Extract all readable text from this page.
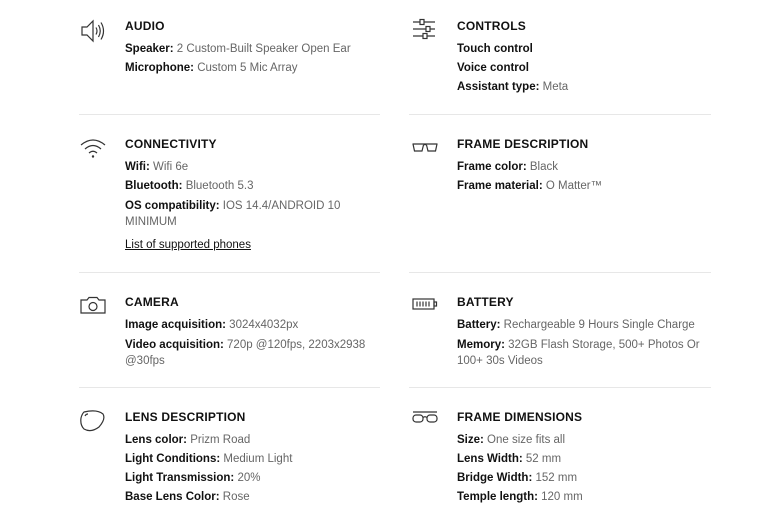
AUDIO
Speaker: 2 Custom-Built Speaker Open Ear
Microphone: Custom 5 Mic Array
CONTROLS
Touch control
Voice control
Assistant type: Meta
CONNECTIVITY
Wifi: Wifi 6e
Bluetooth: Bluetooth 5.3
OS compatibility: IOS 14.4/ANDROID 10 MINIMUM
List of supported phones
FRAME DESCRIPTION
Frame color: Black
Frame material: O Matter™
CAMERA
Image acquisition: 3024x4032px
Video acquisition: 720p @120fps, 2203x2938 @30fps
BATTERY
Battery: Rechargeable 9 Hours Single Charge
Memory: 32GB Flash Storage, 500+ Photos Or 100+ 30s Videos
LENS DESCRIPTION
Lens color: Prizm Road
Light Conditions: Medium Light
Light Transmission: 20%
Base Lens Color: Rose
FRAME DIMENSIONS
Size: One size fits all
Lens Width: 52 mm
Bridge Width: 152 mm
Temple length: 120 mm
